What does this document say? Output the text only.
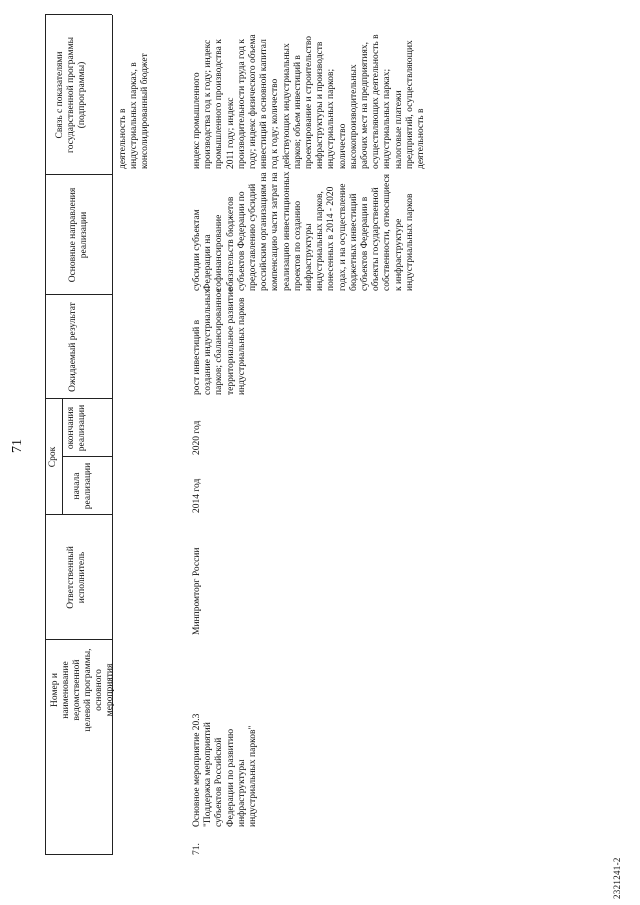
71
Номер и наименование ведомственной целевой программы, основного мероприятия
Ответственный исполнитель
Срок
начала реализации
окончания реализации
Ожидаемый результат
Основные направления реализации
Связь с показателями государственной программы (подпрограммы)
деятельность в индустриальных парках, в консолидированный бюджет
71.
Основное мероприятие 20.3 "Поддержка мероприятий субъектов Российской Федерации по развитию инфраструктуры индустриальных парков"
Минпромторг России
2014 год
2020 год
рост инвестиций в создание индустриальных парков; сбалансированное территориальное развитие индустриальных парков
субсидии субъектам Федерации на софинансирование обязательств бюджетов субъектов Федерации по предоставлению субсидий российским организациям на компенсацию части затрат на реализацию инвестиционных проектов по созданию инфраструктуры индустриальных парков, понесенных в 2014 - 2020 годах, и на осуществление бюджетных инвестиций субъектов Федерации в объекты государственной собственности, относящиеся к инфраструктуре индустриальных парков
индекс промышленного производства год к году; индекс промышленного производства к 2011 году; индекс производительности труда год к году; индекс физического объема инвестиций в основной капитал год к году; количество действующих индустриальных парков; объем инвестиций в проектирование и строительство инфраструктуры и производств индустриальных парков; количество высокопроизводительных рабочих мест на предприятиях, осуществляющих деятельность в индустриальных парках; налоговые платежи предприятий, осуществляющих деятельность в
2321241-2
